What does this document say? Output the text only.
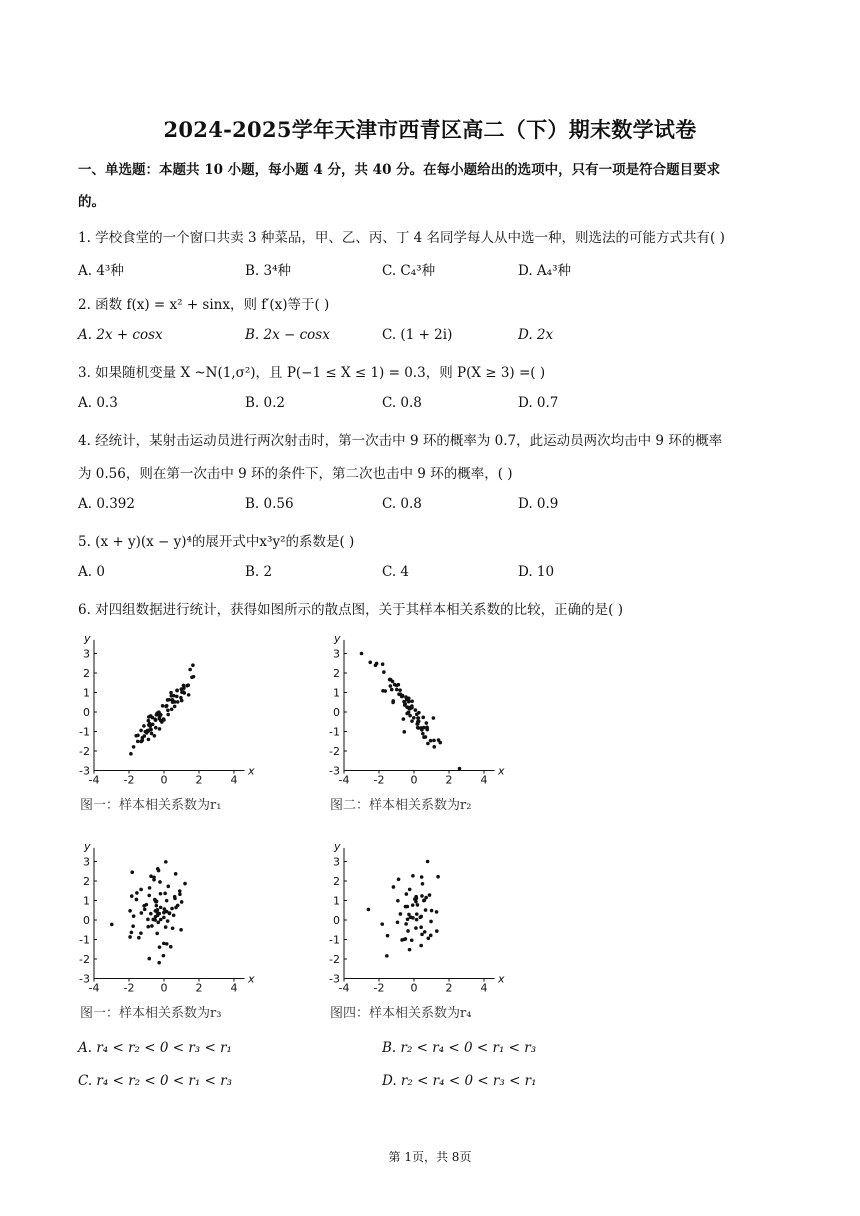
2024-2025学年天津市西青区高二（下）期末数学试卷
一、单选题：本题共 10 小题，每小题 4 分，共 40 分。在每小题给出的选项中，只有一项是符合题目要求
的。
1. 学校食堂的一个窗口共卖 3 种菜品，甲、乙、丙、丁 4 名同学每人从中选一种，则选法的可能方式共有( )
A. 4³种	B. 3⁴种	C. C₄³种	D. A₄³种
2. 函数 f(x) = x² + sinx，则 f′(x)等于( )
A. 2x + cosx	B. 2x − cosx	C. (1 + 2i)	D. 2x
3. 如果随机变量 X ~N(1,σ²)，且 P(−1 ≤ X ≤ 1) = 0.3，则 P(X ≥ 3) =( )
A. 0.3	B. 0.2	C. 0.8	D. 0.7
4. 经统计，某射击运动员进行两次射击时，第一次击中 9 环的概率为 0.7，此运动员两次均击中 9 环的概率
为 0.56，则在第一次击中 9 环的条件下，第二次也击中 9 环的概率，( )
A. 0.392	B. 0.56	C. 0.8	D. 0.9
5. (x + y)(x − y)⁴的展开式中x³y²的系数是( )
A. 0	B. 2	C. 4	D. 10
6. 对四组数据进行统计，获得如图所示的散点图，关于其样本相关系数的比较，正确的是( )
-4 -2 0	2	4
3
2
1
0
-1
-2
-3	x
y
-4 -2 0	2	4
3
2
1
0
-1
-2
-3	x
y
-4 -2 0	2	4
3
2
1
0
-1
-2
-3	x
y
-4 -2 0	2	4
3
2
1
0
-1
-2
-3	x
y
图一：样本相关系数为r₁	图二：样本相关系数为r₂
图一：样本相关系数为r₃	图四：样本相关系数为r₄
A. r₄ < r₂ < 0 < r₃ < r₁	B. r₂ < r₄ < 0 < r₁ < r₃
C. r₄ < r₂ < 0 < r₁ < r₃	D. r₂ < r₄ < 0 < r₃ < r₁
第 1页，共 8页
